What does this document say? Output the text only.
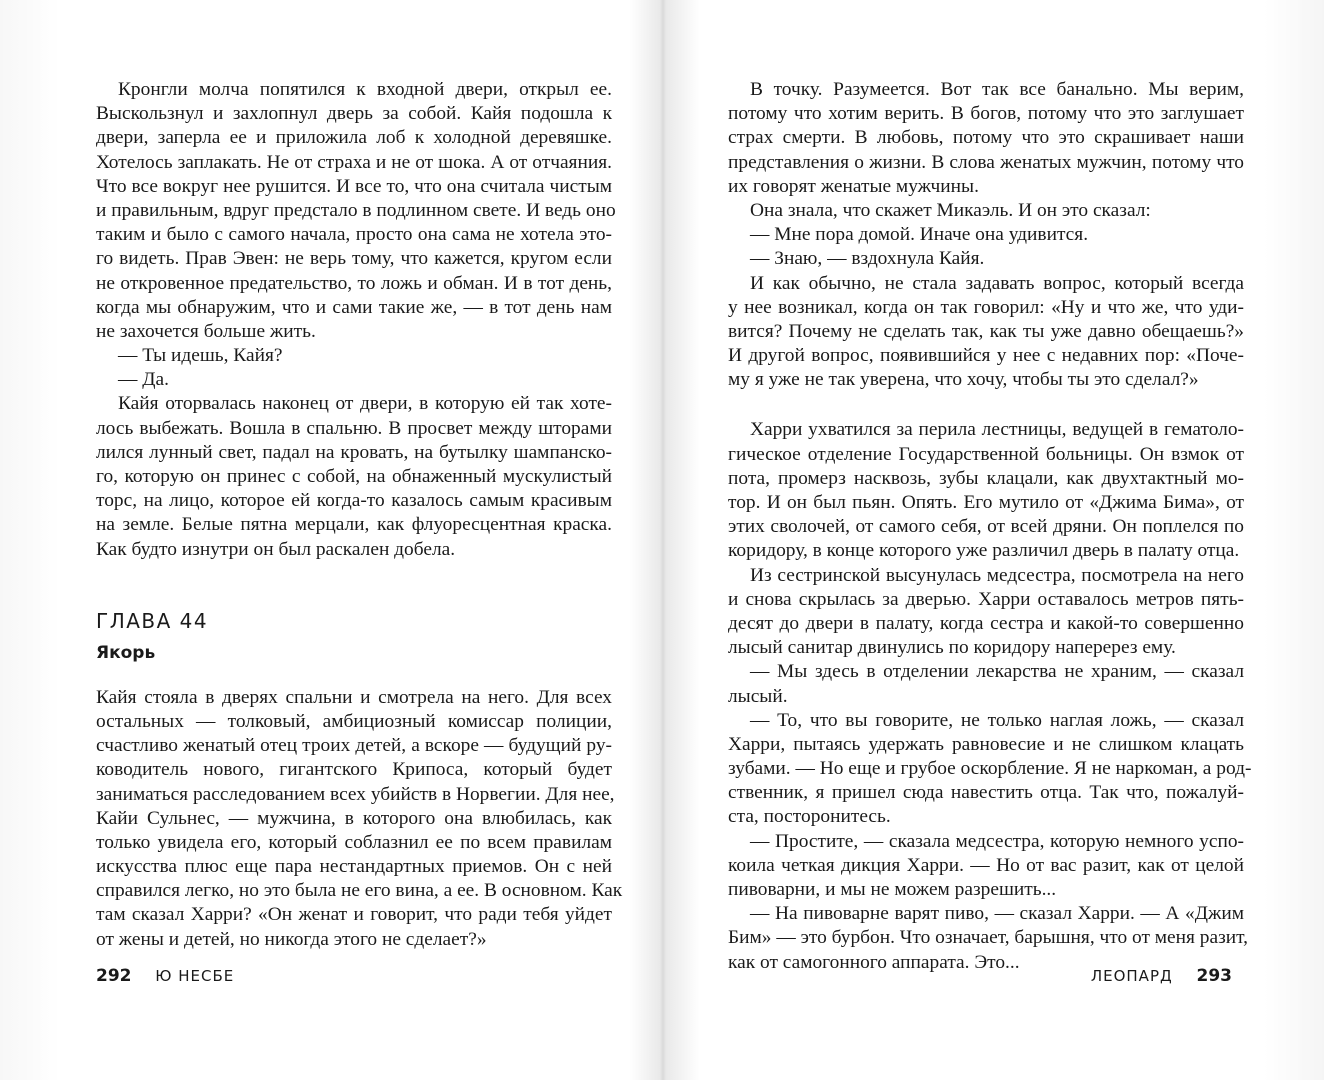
Кронгли молча попятился к входной двери, открыл ее.

Выскользнул и захлопнул дверь за собой. Кайя подошла к

двери, заперла ее и приложила лоб к холодной деревяшке.

Хотелось заплакать. Не от страха и не от шока. А от отчаяния.

Что все вокруг нее рушится. И все то, что она считала чистым

и правильным, вдруг предстало в подлинном свете. И ведь оно

таким и было с самого начала, просто она сама не хотела это-

го видеть. Прав Эвен: не верь тому, что кажется, кругом если

не откровенное предательство, то ложь и обман. И в тот день,

когда мы обнаружим, что и сами такие же, — в тот день нам

не захочется больше жить.

— Ты идешь, Кайя?

— Да.

Кайя оторвалась наконец от двери, в которую ей так хоте-

лось выбежать. Вошла в спальню. В просвет между шторами

лился лунный свет, падал на кровать, на бутылку шампанско-

го, которую он принес с собой, на обнаженный мускулистый

торс, на лицо, которое ей когда-то казалось самым красивым

на земле. Белые пятна мерцали, как флуоресцентная краска.

Как будто изнутри он был раскален добела.

ГЛАВА 44
Якорь

Кайя стояла в дверях спальни и смотрела на него. Для всех

остальных — толковый, амбициозный комиссар полиции,

счастливо женатый отец троих детей, а вскоре — будущий ру-

ководитель нового, гигантского Крипоса, который будет

заниматься расследованием всех убийств в Норвегии. Для нее,

Кайи Сульнес, — мужчина, в которого она влюбилась, как

только увидела его, который соблазнил ее по всем правилам

искусства плюс еще пара нестандартных приемов. Он с ней

справился легко, но это была не его вина, а ее. В основном. Как

там сказал Харри? «Он женат и говорит, что ради тебя уйдет

от жены и детей, но никогда этого не сделает?»

292 Ю НЕСБЕ

В точку. Разумеется. Вот так все банально. Мы верим,

потому что хотим верить. В богов, потому что это заглушает

страх смерти. В любовь, потому что это скрашивает наши

представления о жизни. В слова женатых мужчин, потому что

их говорят женатые мужчины.

Она знала, что скажет Микаэль. И он это сказал:

— Мне пора домой. Иначе она удивится.

— Знаю, — вздохнула Кайя.

И как обычно, не стала задавать вопрос, который всегда

у нее возникал, когда он так говорил: «Ну и что же, что уди-

вится? Почему не сделать так, как ты уже давно обещаешь?»

И другой вопрос, появившийся у нее с недавних пор: «Поче-

му я уже не так уверена, что хочу, чтобы ты это сделал?»

Харри ухватился за перила лестницы, ведущей в гематоло-

гическое отделение Государственной больницы. Он взмок от

пота, промерз насквозь, зубы клацали, как двухтактный мо-

тор. И он был пьян. Опять. Его мутило от «Джима Бима», от

этих сволочей, от самого себя, от всей дряни. Он поплелся по

коридору, в конце которого уже различил дверь в палату отца.

Из сестринской высунулась медсестра, посмотрела на него

и снова скрылась за дверью. Харри оставалось метров пять-

десят до двери в палату, когда сестра и какой-то совершенно

лысый санитар двинулись по коридору наперерез ему.

— Мы здесь в отделении лекарства не храним, — сказал

лысый.

— То, что вы говорите, не только наглая ложь, — сказал

Харри, пытаясь удержать равновесие и не слишком клацать

зубами. — Но еще и грубое оскорбление. Я не наркоман, а род-

ственник, я пришел сюда навестить отца. Так что, пожалуй-

ста, посторонитесь.

— Простите, — сказала медсестра, которую немного успо-

коила четкая дикция Харри. — Но от вас разит, как от целой

пивоварни, и мы не можем разрешить...

— На пивоварне варят пиво, — сказал Харри. — А «Джим

Бим» — это бурбон. Что означает, барышня, что от меня разит,

как от самогонного аппарата. Это...

ЛЕОПАРД 293
